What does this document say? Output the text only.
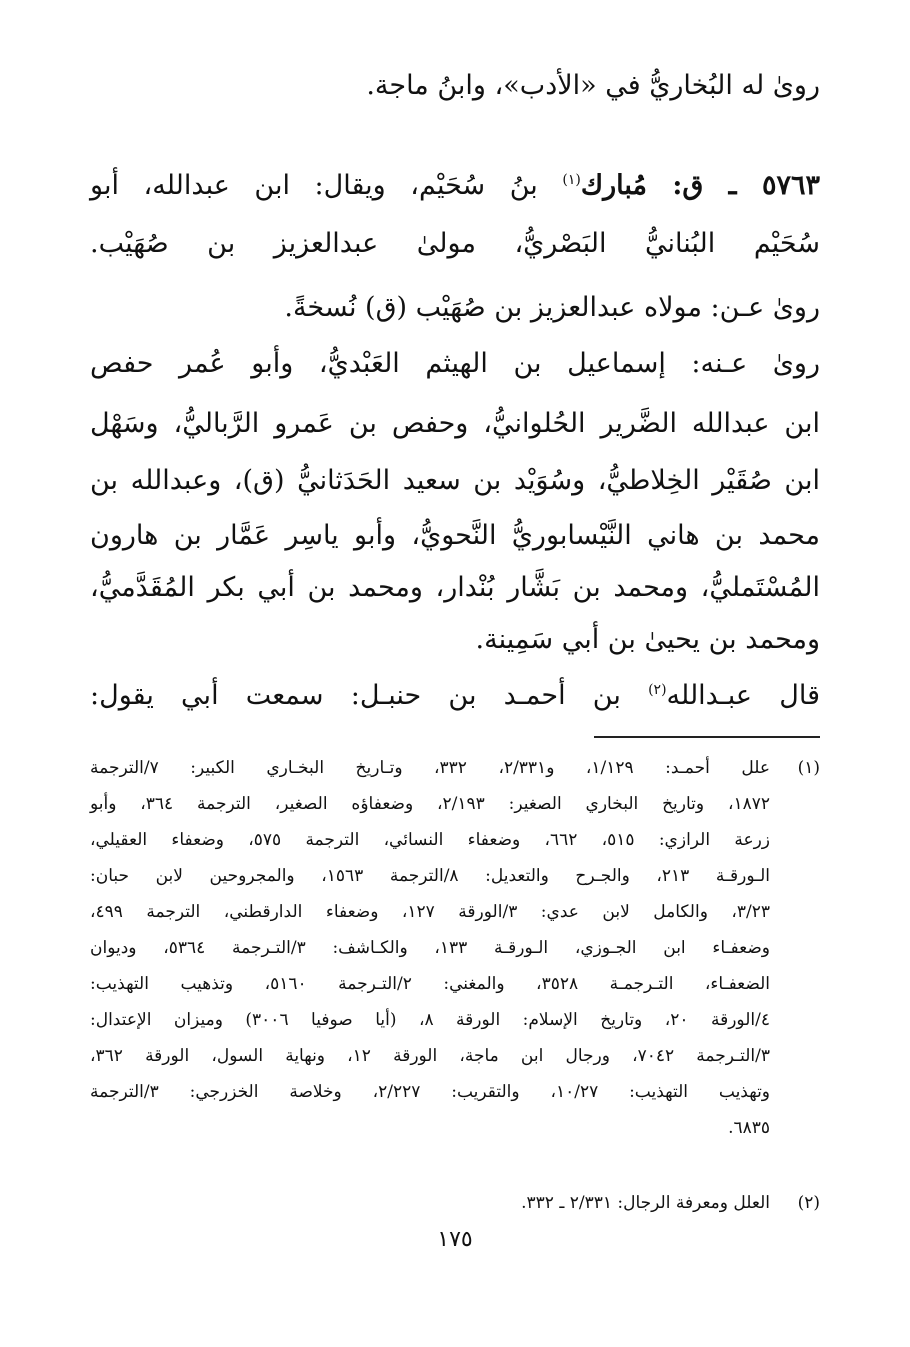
رویٰ له البُخاريُّ في «الأدب»، وابنُ ماجة.
٥٧٦٣ ـ ق: مُبارك$^{(١)}$ بنُ سُحَيْم، ويقال: ابن عبدالله، أبو
سُحَيْم البُنانيُّ البَصْريُّ، مولىٰ عبدالعزيز بن صُهَيْب.
روىٰ عـن: مولاه عبدالعزيز بن صُهَيْب (ق) نُسخةً.
روىٰ عـنه: إسماعيل بن الهيثم العَبْديُّ، وأبو عُمر حفص
ابن عبدالله الضَّرير الحُلوانيُّ، وحفص بن عَمرو الرَّباليُّ، وسَهْل
ابن صُقَيْر الخِلاطيُّ، وسُوَيْد بن سعيد الحَدَثانيُّ (ق)، وعبدالله بن
محمد بن هاني النَّيْسابوريُّ النَّحويُّ، وأبو ياسِر عَمَّار بن هارون
المُسْتَمليُّ، ومحمد بن بَشَّار بُنْدار، ومحمد بن أبي بكر المُقَدَّميُّ،
ومحمد بن يحيىٰ بن أبي سَمِينة.
قال عبـدالله$^{(٢)}$ بن أحمـد بن حنبـل: سمعت أبي يقول:
(١)
علل أحمـد: ١/١٢٩، و٢/٣٣١، ٣٣٢، وتـاريخ البخـاري الكبير: ٧/الترجمة
١٨٧٢، وتاريخ البخاري الصغير: ٢/١٩٣، وضعفاؤه الصغير، الترجمة ٣٦٤، وأبو
زرعة الرازي: ٥١٥، ٦٦٢، وضعفاء النسائي، الترجمة ٥٧٥، وضعفاء العقيلي،
الـورقـة ٢١٣، والجـرح والتعديل: ٨/الترجمة ١٥٦٣، والمجروحين لابن حبان:
٣/٢٣، والكامل لابن عدي: ٣/الورقة ١٢٧، وضعفاء الدارقطني، الترجمة ٤٩٩،
وضعفـاء ابن الجـوزي، الـورقـة ١٣٣، والكـاشف: ٣/التـرجمة ٥٣٦٤، وديوان
الضعفـاء، التـرجمـة ٣٥٢٨، والمغني: ٢/التـرجمة ٥١٦٠، وتذهيب التهذيب:
٤/الورقة ٢٠، وتاريخ الإسلام: الورقة ٨، (أيا صوفيا ٣٠٠٦) وميزان الإعتدال:
٣/التـرجمة ٧٠٤٢، ورجال ابن ماجة، الورقة ١٢، ونهاية السول، الورقة ٣٦٢،
وتهذيب التهذيب: ١٠/٢٧، والتقريب: ٢/٢٢٧، وخلاصة الخزرجي: ٣/الترجمة
٦٨٣٥.
(٢)
العلل ومعرفة الرجال: ٢/٣٣١ ـ ٣٣٢.
١٧٥
